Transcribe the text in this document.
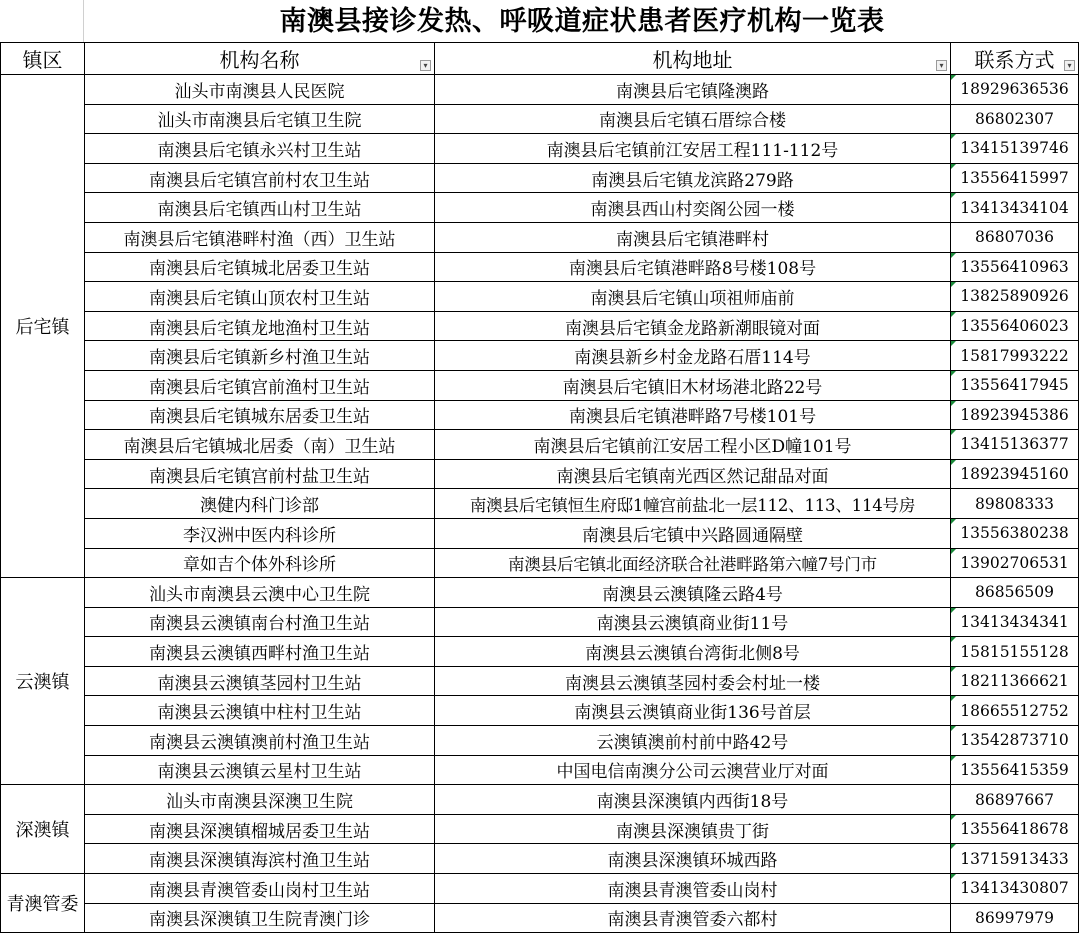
南澳县接诊发热、呼吸道症状患者医疗机构一览表
镇区	机构名称 ▾	机构地址 ▾	联系方式 ▾

后宅镇	汕头市南澳县人民医院	南澳县后宅镇隆澳路	18929636536

	汕头市南澳县后宅镇卫生院	南澳县后宅镇石厝综合楼	86802307
	南澳县后宅镇永兴村卫生站	南澳县后宅镇前江安居工程111-112号	13415139746

	南澳县后宅镇宫前村农卫生站	南澳县后宅镇龙滨路279路	13556415997

	南澳县后宅镇西山村卫生站	南澳县西山村奕阁公园一楼	13413434104

	南澳县后宅镇港畔村渔（西）卫生站	南澳县后宅镇港畔村	86807036
	南澳县后宅镇城北居委卫生站	南澳县后宅镇港畔路8号楼108号	13556410963

	南澳县后宅镇山顶农村卫生站	南澳县后宅镇山项祖师庙前	13825890926

	南澳县后宅镇龙地渔村卫生站	南澳县后宅镇金龙路新潮眼镜对面	13556406023

	南澳县后宅镇新乡村渔卫生站	南澳县新乡村金龙路石厝114号	15817993222

	南澳县后宅镇宫前渔村卫生站	南澳县后宅镇旧木材场港北路22号	13556417945

	南澳县后宅镇城东居委卫生站	南澳县后宅镇港畔路7号楼101号	18923945386

	南澳县后宅镇城北居委（南）卫生站	南澳县后宅镇前江安居工程小区D幢101号	13415136377

	南澳县后宅镇宫前村盐卫生站	南澳县后宅镇南光西区然记甜品对面	18923945160

	澳健内科门诊部	南澳县后宅镇恒生府邸1幢宫前盐北一层112、113、114号房	89808333
	李汉洲中医内科诊所	南澳县后宅镇中兴路圆通隔壁	13556380238

	章如吉个体外科诊所	南澳县后宅镇北面经济联合社港畔路第六幢7号门市	13902706531

云澳镇	汕头市南澳县云澳中心卫生院	南澳县云澳镇隆云路4号	86856509
	南澳县云澳镇南台村渔卫生站	南澳县云澳镇商业街11号	13413434341

	南澳县云澳镇西畔村渔卫生站	南澳县云澳镇台湾街北侧8号	15815155128

	南澳县云澳镇茎园村卫生站	南澳县云澳镇茎园村委会村址一楼	18211366621

	南澳县云澳镇中柱村卫生站	南澳县云澳镇商业街136号首层	18665512752

	南澳县云澳镇澳前村渔卫生站	云澳镇澳前村前中路42号	13542873710

	南澳县云澳镇云星村卫生站	中国电信南澳分公司云澳营业厅对面	13556415359

深澳镇	汕头市南澳县深澳卫生院	南澳县深澳镇内西街18号	86897667
	南澳县深澳镇榴城居委卫生站	南澳县深澳镇贵丁街	13556418678

	南澳县深澳镇海滨村渔卫生站	南澳县深澳镇环城西路	13715913433

青澳管委	南澳县青澳管委山岗村卫生站	南澳县青澳管委山岗村	13413430807

	南澳县深澳镇卫生院青澳门诊	南澳县青澳管委六都村	86997979
